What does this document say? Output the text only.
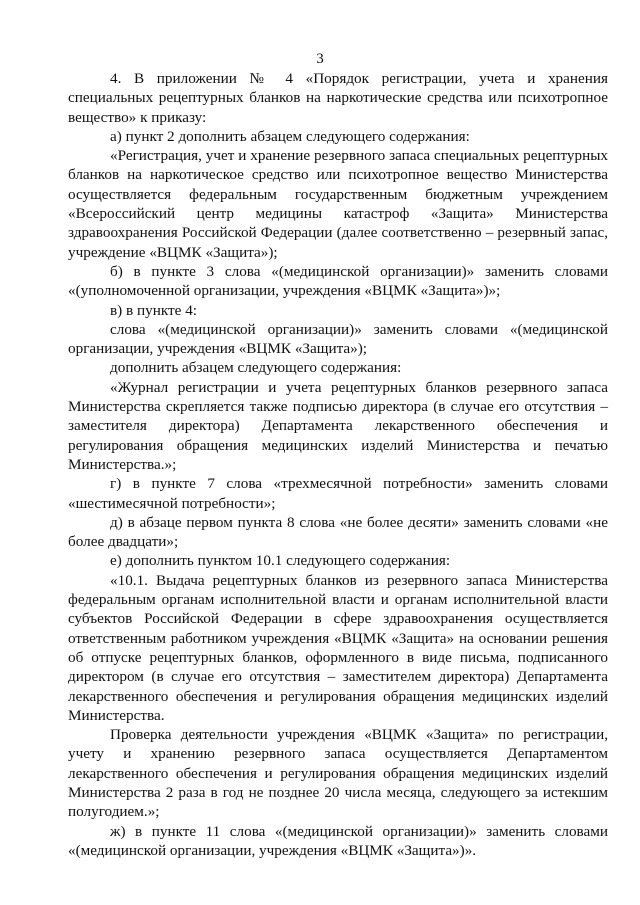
3

4. В приложении № 4 «Порядок регистрации, учета и хранения специальных рецептурных бланков на наркотические средства или психотропное вещество» к приказу:

а) пункт 2 дополнить абзацем следующего содержания:

«Регистрация, учет и хранение резервного запаса специальных рецептурных бланков на наркотическое средство или психотропное вещество Министерства осуществляется федеральным государственным бюджетным учреждением «Всероссийский центр медицины катастроф «Защита» Министерства здравоохранения Российской Федерации (далее соответственно – резервный запас, учреждение «ВЦМК «Защита»);

б) в пункте 3 слова «(медицинской организации)» заменить словами «(уполномоченной организации, учреждения «ВЦМК «Защита»)»;

в) в пункте 4:

слова «(медицинской организации)» заменить словами «(медицинской организации, учреждения «ВЦМК «Защита»);

дополнить абзацем следующего содержания:

«Журнал регистрации и учета рецептурных бланков резервного запаса Министерства скрепляется также подписью директора (в случае его отсутствия – заместителя директора) Департамента лекарственного обеспечения и регулирования обращения медицинских изделий Министерства и печатью Министерства.»;

г) в пункте 7 слова «трехмесячной потребности» заменить словами «шестимесячной потребности»;

д) в абзаце первом пункта 8 слова «не более десяти» заменить словами «не более двадцати»;

е) дополнить пунктом 10.1 следующего содержания:

«10.1. Выдача рецептурных бланков из резервного запаса Министерства федеральным органам исполнительной власти и органам исполнительной власти субъектов Российской Федерации в сфере здравоохранения осуществляется ответственным работником учреждения «ВЦМК «Защита» на основании решения об отпуске рецептурных бланков, оформленного в виде письма, подписанного директором (в случае его отсутствия – заместителем директора) Департамента лекарственного обеспечения и регулирования обращения медицинских изделий Министерства.

Проверка деятельности учреждения «ВЦМК «Защита» по регистрации, учету и хранению резервного запаса осуществляется Департаментом лекарственного обеспечения и регулирования обращения медицинских изделий Министерства 2 раза в год не позднее 20 числа месяца, следующего за истекшим полугодием.»;

ж) в пункте 11 слова «(медицинской организации)» заменить словами «(медицинской организации, учреждения «ВЦМК «Защита»)».
